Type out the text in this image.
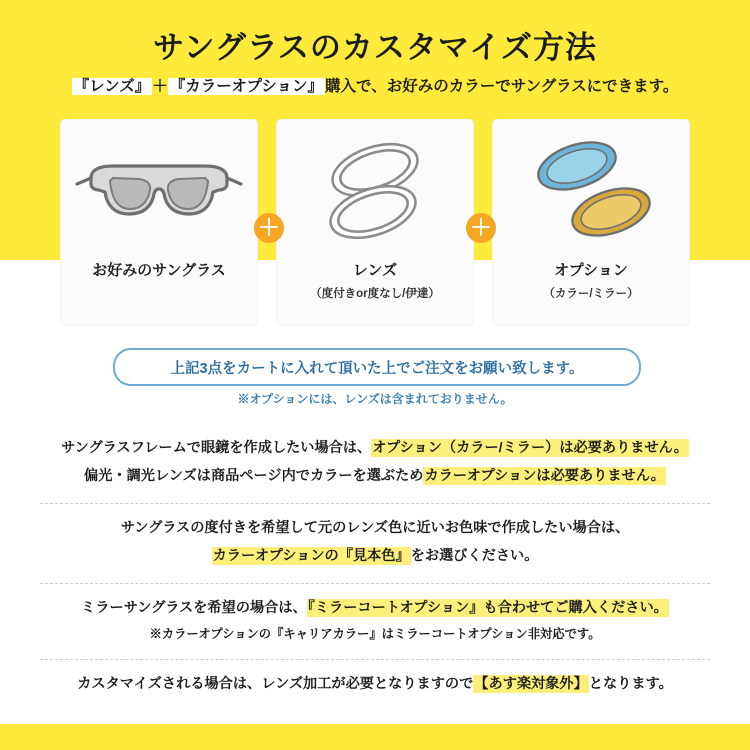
サングラスのカスタマイズ方法
『レンズ』 ＋ 『カラーオプション』 購入で、お好みのカラーでサングラスにできます。
お好みのサングラス	レンズ
（度付きor度なし/伊達）
オプション
（カラー/ミラー）
＋	＋
上記3点をカートに入れて頂いた上でご注文をお願い致します。
※オプションには、レンズは含まれておりません。
サングラスフレームで眼鏡を作成したい場合は、オプション（カラー/ミラー）は必要ありません。
偏光・調光レンズは商品ページ内でカラーを選ぶためカラーオプションは必要ありません。
サングラスの度付きを希望して元のレンズ色に近いお色味で作成したい場合は、
カラーオプションの『見本色』をお選びください。
ミラーサングラスを希望の場合は、『ミラーコートオプション』も合わせてご購入ください。
※カラーオプションの『キャリアカラー』はミラーコートオプション非対応です。
カスタマイズされる場合は、レンズ加工が必要となりますので【あす楽対象外】となります。
